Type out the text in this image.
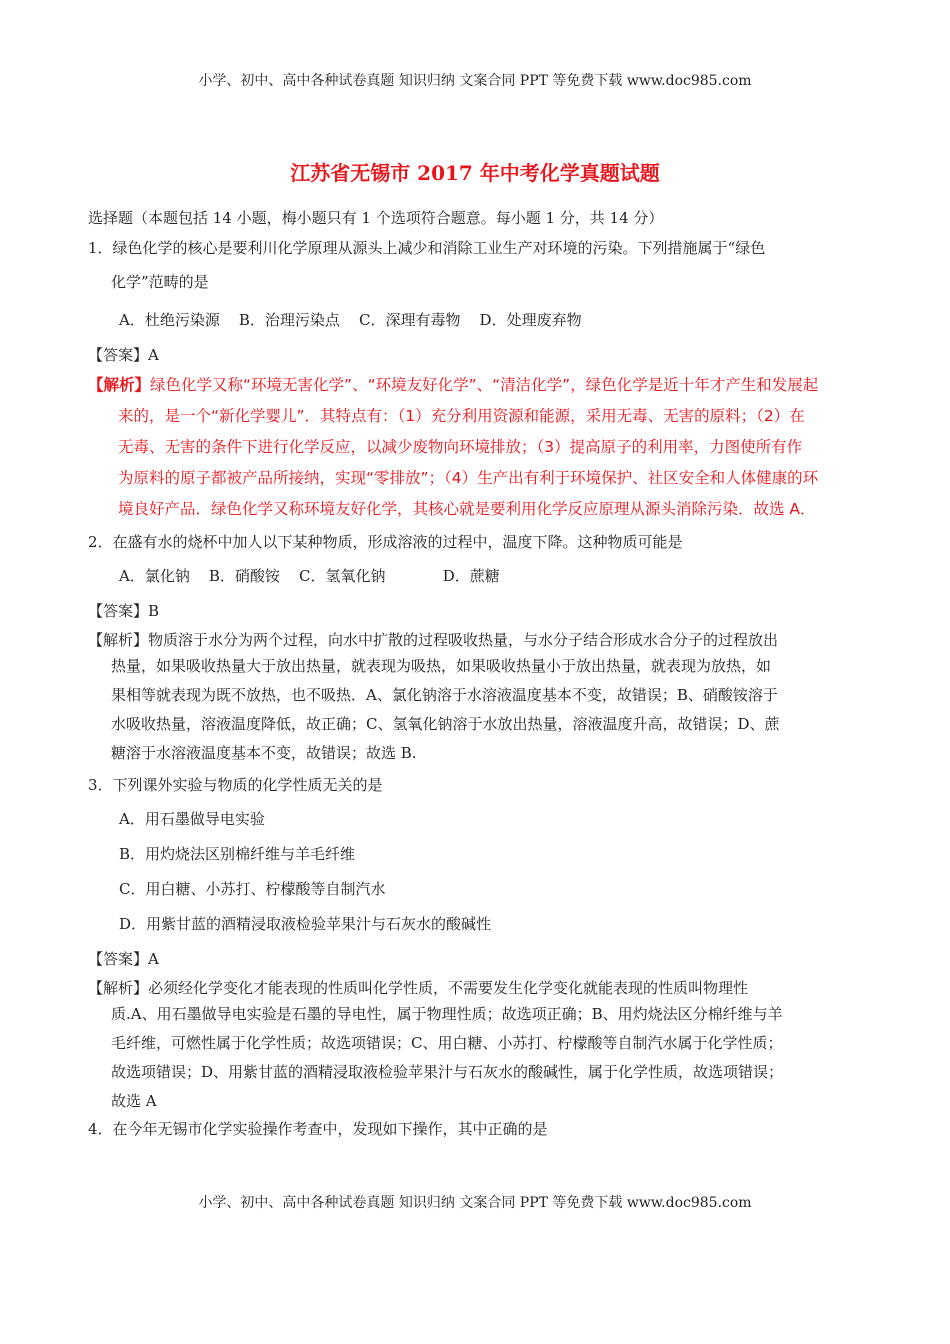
小学、初中、高中各种试卷真题 知识归纳 文案合同 PPT 等免费下载 www.doc985.com
江苏省无锡市 2017 年中考化学真题试题
选择题（本题包括 14 小题，梅小题只有 1 个选项符合题意。每小题 1 分，共 14 分）
1．绿色化学的核心是要利川化学原理从源头上减少和消除工业生产对环境的污染。下列措施属于“绿色
化学”范畴的是
A．杜绝污染源    B．治理污染点    C．深理有毒物    D．处理废弃物
【答案】A
【解析】绿色化学又称“环境无害化学”、“环境友好化学”、“清洁化学”，绿色化学是近十年才产生和发展起
来的，是一个“新化学婴儿”．其特点有：（1）充分利用资源和能源，采用无毒、无害的原料；（2）在
无毒、无害的条件下进行化学反应，以减少废物向环境排放；（3）提高原子的利用率，力图使所有作
为原料的原子都被产品所接纳，实现“零排放”；（4）生产出有利于环境保护、社区安全和人体健康的环
境良好产品．绿色化学又称环境友好化学，其核心就是要利用化学反应原理从源头消除污染．故选 A．
2．在盛有水的烧杯中加人以下某种物质，形成溶液的过程中，温度下降。这种物质可能是
A．氯化钠    B．硝酸铵    C．氢氧化钠            D．蔗糖
【答案】B
【解析】物质溶于水分为两个过程，向水中扩散的过程吸收热量，与水分子结合形成水合分子的过程放出
热量，如果吸收热量大于放出热量，就表现为吸热，如果吸收热量小于放出热量，就表现为放热，如
果相等就表现为既不放热，也不吸热．A、氯化钠溶于水溶液温度基本不变，故错误；B、硝酸铵溶于
水吸收热量，溶液温度降低，故正确；C、氢氧化钠溶于水放出热量，溶液温度升高，故错误；D、蔗
糖溶于水溶液温度基本不变，故错误；故选 B.
3．下列课外实验与物质的化学性质无关的是
A．用石墨做导电实验
B．用灼烧法区别棉纤维与羊毛纤维
C．用白糖、小苏打、柠檬酸等自制汽水
D．用紫甘蓝的酒精浸取液检验苹果汁与石灰水的酸碱性
【答案】A
【解析】必须经化学变化才能表现的性质叫化学性质，不需要发生化学变化就能表现的性质叫物理性
质.A、用石墨做导电实验是石墨的导电性，属于物理性质；故选项正确；B、用灼烧法区分棉纤维与羊
毛纤维，可燃性属于化学性质；故选项错误；C、用白糖、小苏打、柠檬酸等自制汽水属于化学性质；
故选项错误；D、用紫甘蓝的酒精浸取液检验苹果汁与石灰水的酸碱性，属于化学性质，故选项错误；
故选 A
4．在今年无锡市化学实验操作考查中，发现如下操作，其中正确的是
小学、初中、高中各种试卷真题 知识归纳 文案合同 PPT 等免费下载 www.doc985.com
